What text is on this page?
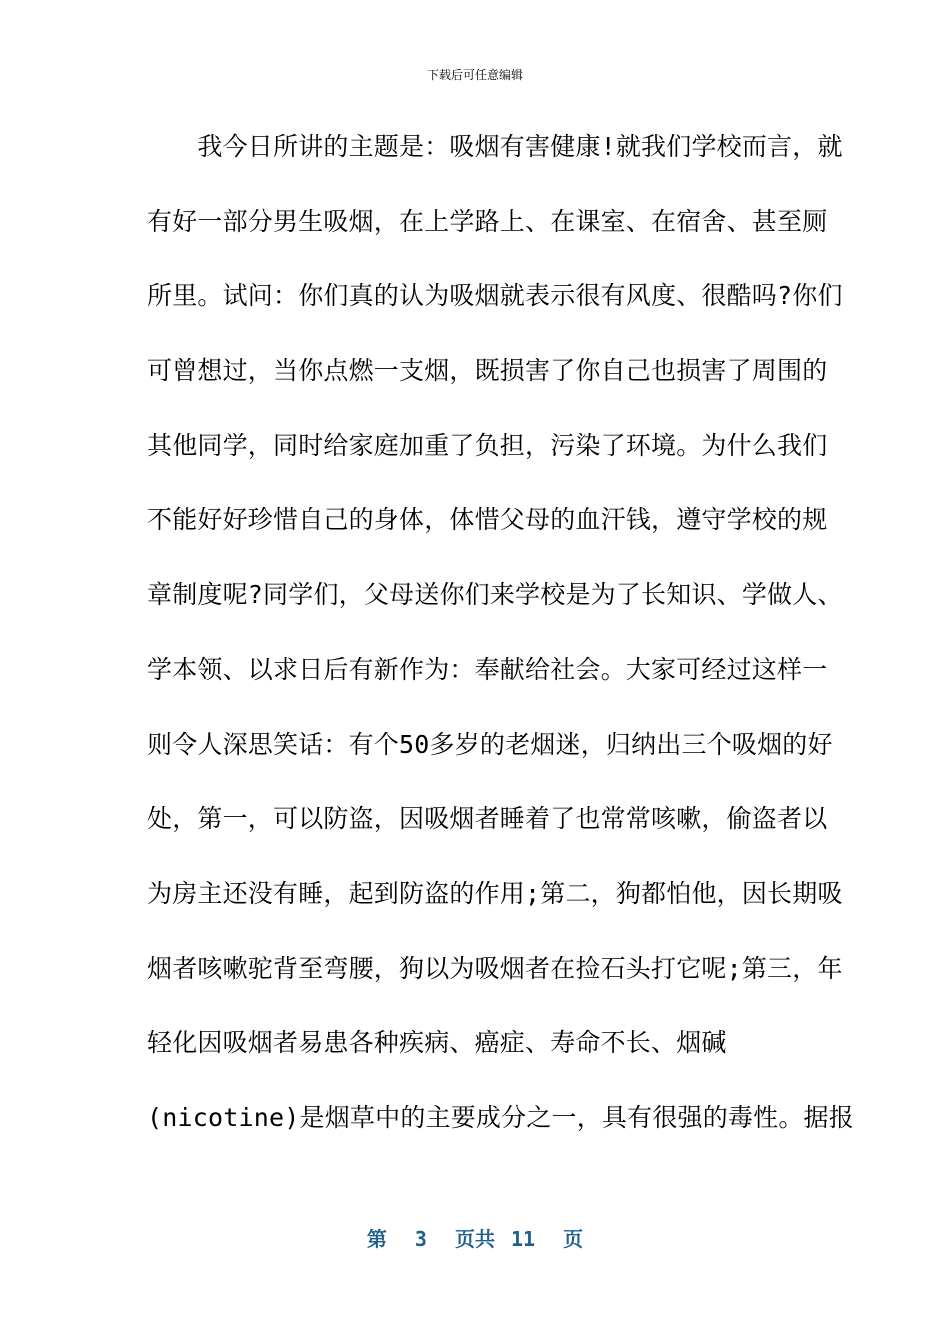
下载后可任意编辑
　　我今日所讲的主题是：吸烟有害健康!就我们学校而言，就
有好一部分男生吸烟，在上学路上、在课室、在宿舍、甚至厕
所里。试问：你们真的认为吸烟就表示很有风度、很酷吗?你们
可曾想过，当你点燃一支烟，既损害了你自己也损害了周围的
其他同学，同时给家庭加重了负担，污染了环境。为什么我们
不能好好珍惜自己的身体，体惜父母的血汗钱，遵守学校的规
章制度呢?同学们，父母送你们来学校是为了长知识、学做人、
学本领、以求日后有新作为：奉献给社会。大家可经过这样一
则令人深思笑话：有个50多岁的老烟迷，归纳出三个吸烟的好
处，第一，可以防盗，因吸烟者睡着了也常常咳嗽，偷盗者以
为房主还没有睡，起到防盗的作用;第二，狗都怕他，因长期吸
烟者咳嗽驼背至弯腰，狗以为吸烟者在捡石头打它呢;第三，年
轻化因吸烟者易患各种疾病、癌症、寿命不长、烟碱
(nicotine)是烟草中的主要成分之一，具有很强的毒性。据报
第 3 页共 11 页
